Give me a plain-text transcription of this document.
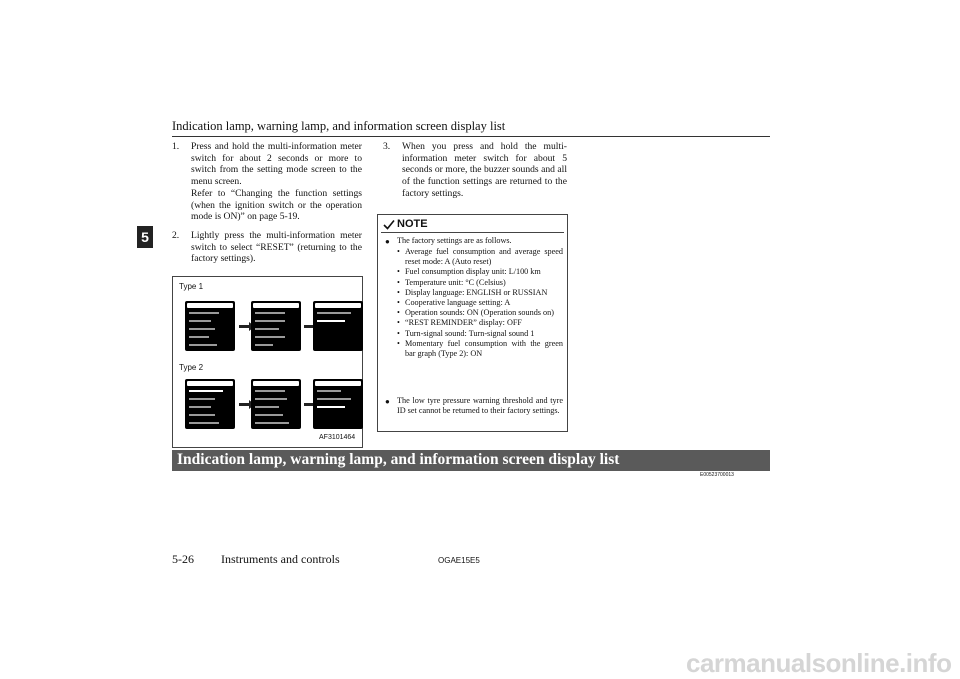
Indication lamp, warning lamp, and information screen display list
5
1. Press and hold the multi-information meter switch for about 2 seconds or more to switch from the setting mode screen to the menu screen.
Refer to “Changing the function settings (when the ignition switch or the operation mode is ON)” on page 5-19.
2. Lightly press the multi-information meter switch to select “RESET” (returning to the factory settings).
3. When you press and hold the multi-information meter switch for about 5 seconds or more, the buzzer sounds and all of the function settings are returned to the factory settings.
Type 1
Type 2
AF3101464
NOTE
● The factory settings are as follows.
• Average fuel consumption and average speed reset mode: A (Auto reset)
• Fuel consumption display unit: L/100 km
• Temperature unit: °C (Celsius)
• Display language: ENGLISH or RUSSIAN
• Cooperative language setting: A
• Operation sounds: ON (Operation sounds on)
• “REST REMINDER” display: OFF
• Turn-signal sound: Turn-signal sound 1
• Momentary fuel consumption with the green bar graph (Type 2): ON
● The low tyre pressure warning threshold and tyre ID set cannot be returned to their factory settings.
Indication lamp, warning lamp, and information screen display list
E00523700013
5-26 Instruments and controls	OGAE15E5
carmanualsonline.info
